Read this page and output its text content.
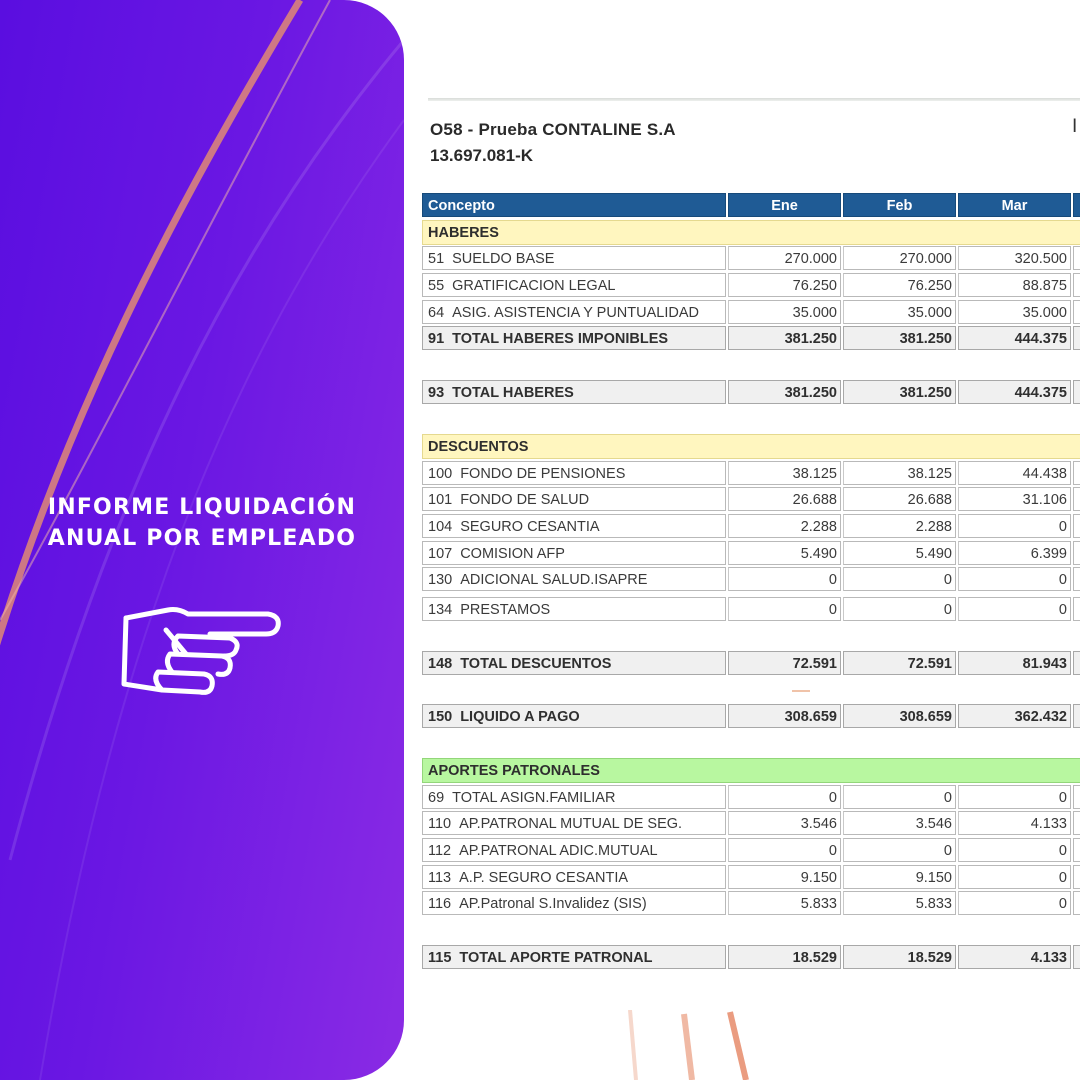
INFORME LIQUIDACIÓN
ANUAL POR EMPLEADO
O58 - Prueba CONTALINE S.A
13.697.081-K
I
Concepto	Ene	Feb	Mar
HABERES
51 SUELDO BASE	270.000	270.000	320.500
55 GRATIFICACION LEGAL	76.250	76.250	88.875
64 ASIG. ASISTENCIA Y PUNTUALIDAD	35.000	35.000	35.000
91 TOTAL HABERES IMPONIBLES	381.250	381.250	444.375
93 TOTAL HABERES	381.250	381.250	444.375
DESCUENTOS
100 FONDO DE PENSIONES	38.125	38.125	44.438
101 FONDO DE SALUD	26.688	26.688	31.106
104 SEGURO CESANTIA	2.288	2.288	0
107 COMISION AFP	5.490	5.490	6.399
130 ADICIONAL SALUD.ISAPRE	0	0	0
134 PRESTAMOS	0	0	0
148 TOTAL DESCUENTOS	72.591	72.591	81.943
150 LIQUIDO A PAGO	308.659	308.659	362.432
APORTES PATRONALES
69 TOTAL ASIGN.FAMILIAR	0	0	0
110 AP.PATRONAL MUTUAL DE SEG.	3.546	3.546	4.133
112 AP.PATRONAL ADIC.MUTUAL	0	0	0
113 A.P. SEGURO CESANTIA	9.150	9.150	0
116 AP.Patronal S.Invalidez (SIS)	5.833	5.833	0
115 TOTAL APORTE PATRONAL	18.529	18.529	4.133
